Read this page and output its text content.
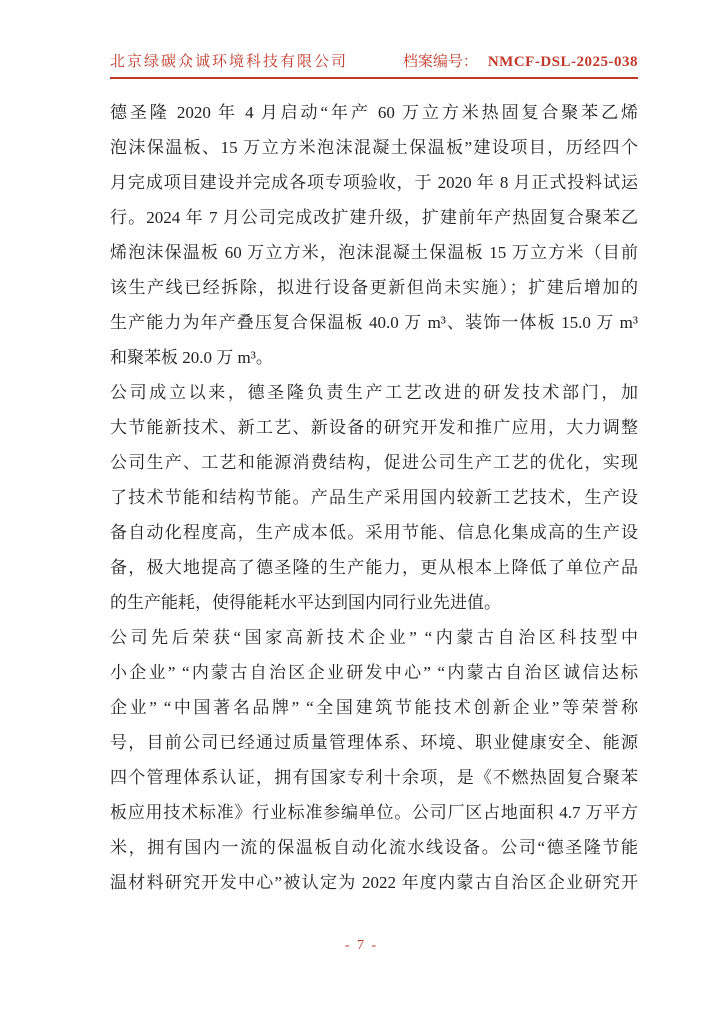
北京绿碳众诚环境科技有限公司	档案编号： NMCF-DSL-2025-038
德圣隆 2020 年 4 月启动“年产 60 万立方米热固复合聚苯乙烯
泡沫保温板、15 万立方米泡沫混凝土保温板”建设项目，历经四个
月完成项目建设并完成各项专项验收，于 2020 年 8 月正式投料试运
行。2024 年 7 月公司完成改扩建升级，扩建前年产热固复合聚苯乙
烯泡沫保温板 60 万立方米，泡沫混凝土保温板 15 万立方米（目前
该生产线已经拆除，拟进行设备更新但尚未实施）；扩建后增加的
生产能力为年产叠压复合保温板 40.0 万 m³、装饰一体板 15.0 万 m³
和聚苯板 20.0 万 m³。
公司成立以来，德圣隆负责生产工艺改进的研发技术部门，加
大节能新技术、新工艺、新设备的研究开发和推广应用，大力调整
公司生产、工艺和能源消费结构，促进公司生产工艺的优化，实现
了技术节能和结构节能。产品生产采用国内较新工艺技术，生产设
备自动化程度高，生产成本低。采用节能、信息化集成高的生产设
备，极大地提高了德圣隆的生产能力，更从根本上降低了单位产品
的生产能耗，使得能耗水平达到国内同行业先进值。
公司先后荣获“国家高新技术企业” “内蒙古自治区科技型中
小企业” “内蒙古自治区企业研发中心” “内蒙古自治区诚信达标
企业” “中国著名品牌” “全国建筑节能技术创新企业”等荣誉称
号，目前公司已经通过质量管理体系、环境、职业健康安全、能源
四个管理体系认证，拥有国家专利十余项，是《不燃热固复合聚苯
板应用技术标准》行业标准参编单位。公司厂区占地面积 4.7 万平方
米，拥有国内一流的保温板自动化流水线设备。公司“德圣隆节能
温材料研究开发中心”被认定为 2022 年度内蒙古自治区企业研究开
- 7 -
